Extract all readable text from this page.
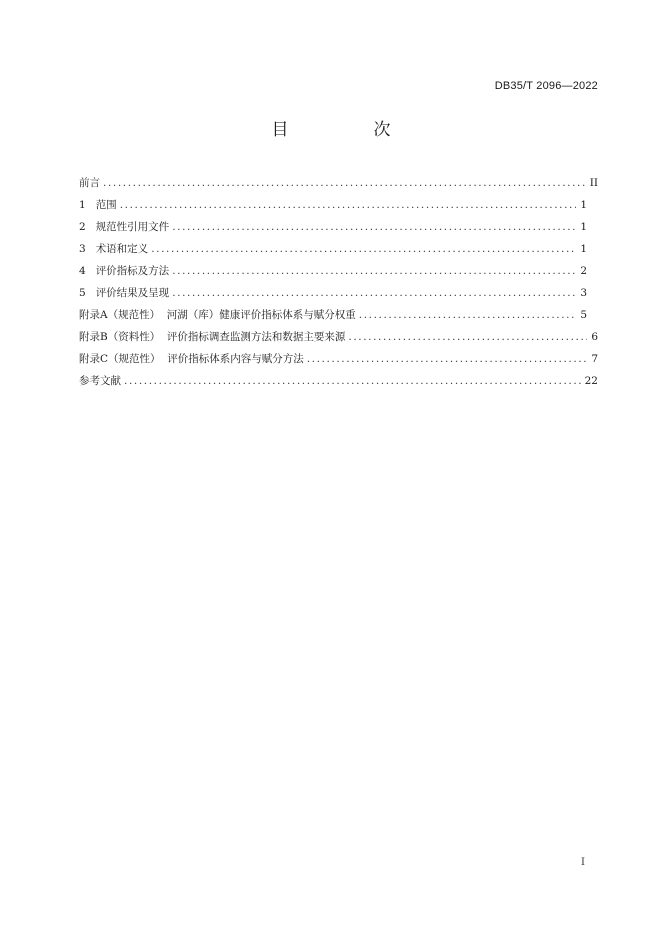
DB35/T 2096—2022
目　次
前言 .....	II
1 范围 .....	1
2 规范性引用文件 .....	1
3 术语和定义 .....	1
4 评价指标及方法 .....	2
5 评价结果及呈现 .....	3
附录A（规范性）  河湖（库）健康评价指标体系与赋分权重 .....	5
附录B（资料性）  评价指标调查监测方法和数据主要来源 .....	6
附录C（规范性）  评价指标体系内容与赋分方法 .....	7
参考文献 .....	22
I
